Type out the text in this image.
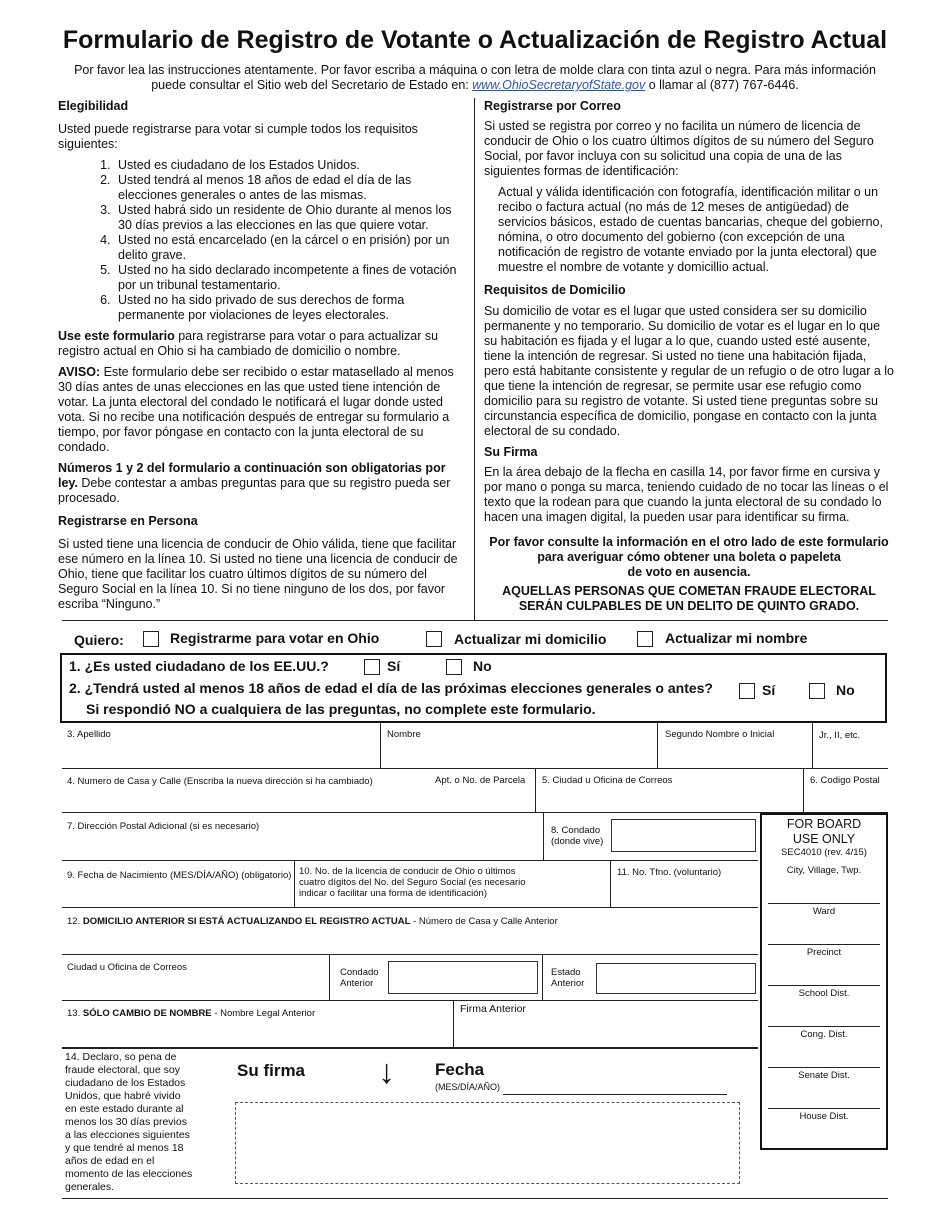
Formulario de Registro de Votante o Actualización de Registro Actual
Por favor lea las instrucciones atentamente. Por favor escriba a máquina o con letra de molde clara con tinta azul o negra. Para más información
puede consultar el Sitio web del Secretario de Estado en: www.OhioSecretaryofState.gov o llamar al (877) 767-6446.
Elegibilidad

Usted puede registrarse para votar si cumple todos los requisitos siguientes:

1. Usted es ciudadano de los Estados Unidos.
2. Usted tendrá al menos 18 años de edad el día de las elecciones generales o antes de las mismas.
3. Usted habrá sido un residente de Ohio durante al menos los 30 días previos a las elecciones en las que quiere votar.
4. Usted no está encarcelado (en la cárcel o en prisión) por un delito grave.
5. Usted no ha sido declarado incompetente a fines de votación por un tribunal testamentario.
6. Usted no ha sido privado de sus derechos de forma permanente por violaciones de leyes electorales.

Use este formulario para registrarse para votar o para actualizar su registro actual en Ohio si ha cambiado de domicilio o nombre.

AVISO: Este formulario debe ser recibido o estar matasellado al menos 30 días antes de unas elecciones en las que usted tiene intención de votar. La junta electoral del condado le notificará el lugar donde usted vota. Si no recibe una notificación después de entregar su formulario a tiempo, por favor póngase en contacto con la junta electoral de su condado.

Números 1 y 2 del formulario a continuación son obligatorias por ley. Debe contestar a ambas preguntas para que su registro pueda ser procesado.

Registrarse en Persona

Si usted tiene una licencia de conducir de Ohio válida, tiene que facilitar ese número en la línea 10. Si usted no tiene una licencia de conducir de Ohio, tiene que facilitar los cuatro últimos dígitos de su número del Seguro Social en la línea 10. Si no tiene ninguno de los dos, por favor escriba “Ninguno.”

Registrarse por Correo

Si usted se registra por correo y no facilita un número de licencia de conducir de Ohio o los cuatro últimos dígitos de su número del Seguro Social, por favor incluya con su solicitud una copia de una de las siguientes formas de identificación:

Actual y válida identificación con fotografía, identificación militar o un recibo o factura actual (no más de 12 meses de antigüedad) de servicios básicos, estado de cuentas bancarias, cheque del gobierno, nómina, o otro documento del gobierno (con excepción de una notificación de registro de votante enviado por la junta electoral) que muestre el nombre de votante y domicillio actual.

Requisitos de Domicilio

Su domicilio de votar es el lugar que usted considera ser su domicilio permanente y no temporario. Su domicilio de votar es el lugar en lo que su habitación es fijada y el lugar a lo que, cuando usted esté ausente, tiene la intención de regresar. Si usted no tiene una habitación fijada, pero está habitante consistente y regular de un refugio o de otro lugar a lo que tiene la intención de regresar, se permite usar ese refugio como domicilio para su registro de votante. Si usted tiene preguntas sobre su circunstancia específica de domicilio, pongase en contacto con la junta electoral de su condado.

Su Firma

En la área debajo de la flecha en casilla 14, por favor firme en cursiva y por mano o ponga su marca, teniendo cuidado de no tocar las líneas o el texto que la rodean para que cuando la junta electoral de su condado lo hacen una imagen digital, la pueden usar para identificar su firma.

Por favor consulte la información en el otro lado de este formulario
para averiguar cómo obtener una boleta o papeleta
de voto en ausencia.
AQUELLAS PERSONAS QUE COMETAN FRAUDE ELECTORAL
SERÁN CULPABLES DE UN DELITO DE QUINTO GRADO.
Quiero:	Registrarme para votar en Ohio	Actualizar mi domicilio	Actualizar mi nombre
1. ¿Es usted ciudadano de los EE.UU.?	Sí	No
2. ¿Tendrá usted al menos 18 años de edad el día de las próximas elecciones generales o antes?	Sí	No
Si respondió NO a cualquiera de las preguntas, no complete este formulario.
3. Apellido	Nombre	Segundo Nombre o Inicial	Jr., II, etc.
4. Numero de Casa y Calle (Enscriba la nueva dirección si ha cambiado)	Apt. o No. de Parcela 5. Ciudad u Oficina de Correos	6. Codigo Postal
FOR BOARD
USE ONLY
SEC4010 (rev. 4/15)
City, Village, Twp.
Ward
Precinct
School Dist.
Cong. Dist.
Senate Dist.
House Dist.
7. Dirección Postal Adicional (si es necesario)	8. Condado
(donde vive)
9. Fecha de Nacimiento (MES/DÍA/AÑO) (obligatorio) 10. No. de la licencia de conducir de Ohio o últimos
cuatro dígitos del No. del Seguro Social (es necesario
indicar o facilitar una forma de identificación)
11. No. Tfno. (voluntario)
12. DOMICILIO ANTERIOR SI ESTÁ ACTUALIZANDO EL REGISTRO ACTUAL - Número de Casa y Calle Anterior
Ciudad u Oficina de Correos	Condado
Anterior
Estado
Anterior
13. SÓLO CAMBIO DE NOMBRE - Nombre Legal Anterior	Firma Anterior
14. Declaro, so pena de
fraude electoral, que soy
ciudadano de los Estados
Unidos, que habré vivido
en este estado durante al
menos los 30 días previos
a las elecciones siguientes
y que tendré al menos 18
años de edad en el
momento de las elecciones
generales.
Su firma ↓ Fecha
(MES/DÍA/AÑO)
